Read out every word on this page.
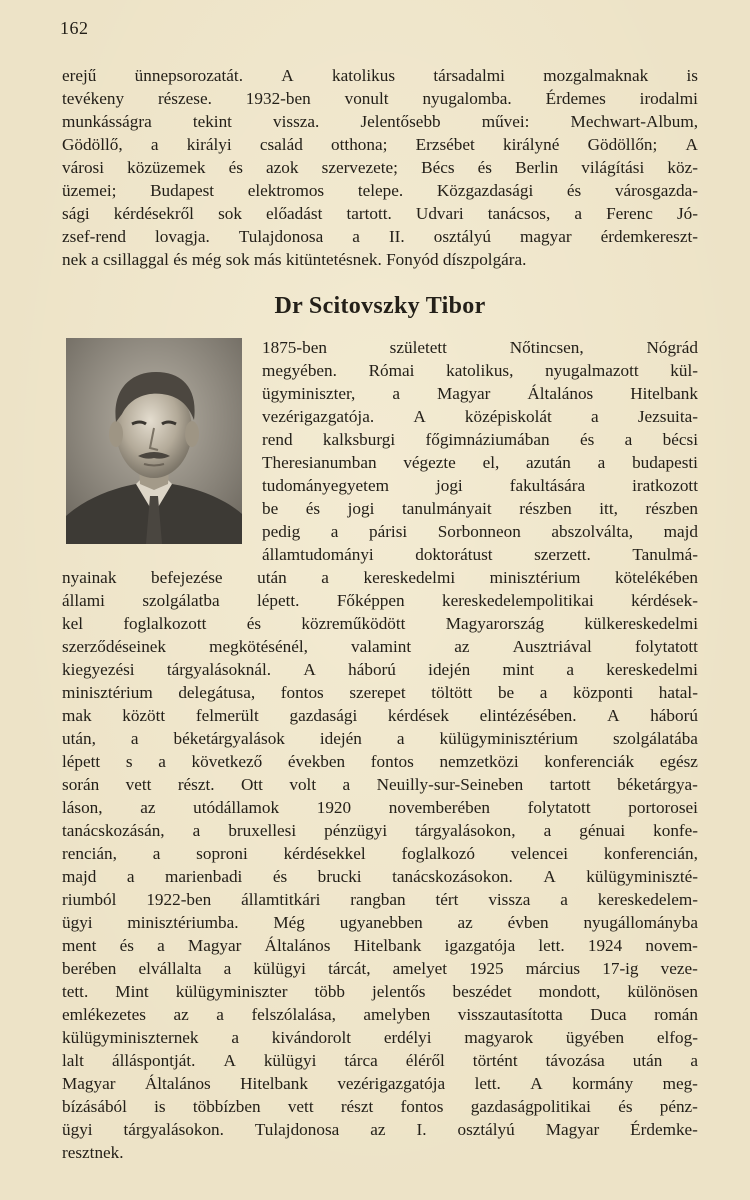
162
erejű ünnepsorozatát. A katolikus társadalmi mozgalmaknak is
tevékeny részese. 1932-ben vonult nyugalomba. Érdemes irodalmi
munkásságra tekint vissza. Jelentősebb művei: Mechwart-Album,
Gödöllő, a királyi család otthona; Erzsébet királyné Gödöllőn; A
városi közüzemek és azok szervezete; Bécs és Berlin világítási köz-
üzemei; Budapest elektromos telepe. Közgazdasági és városgazda-
sági kérdésekről sok előadást tartott. Udvari tanácsos, a Ferenc Jó-
zsef-rend lovagja. Tulajdonosa a II. osztályú magyar érdemkereszt-
nek a csillaggal és még sok más kitüntetésnek. Fonyód díszpolgára.
Dr Scitovszky Tibor
1875-ben	született	Nőtincsen,	Nógrád
megyében. Római katolikus, nyugalmazott kül-
ügyminiszter, a Magyar Általános Hitelbank
vezérigazgatója. A középiskolát a Jezsuita-
rend kalksburgi főgimnáziumában és a bécsi
Theresianumban végezte el, azután a budapesti
tudományegyetem	jogi	fakultására	iratkozott
be és jogi tanulmányait részben itt, részben
pedig a párisi Sorbonneon abszolválta, majd
államtudományi doktorátust szerzett. Tanulmá-
nyainak befejezése után a kereskedelmi minisztérium kötelékében
állami szolgálatba lépett. Főképpen kereskedelempolitikai kérdések-
kel foglalkozott és közreműködött Magyarország külkereskedelmi
szerződéseinek	megkötésénél,	valamint	az	Ausztriával	folytatott
kiegyezési tárgyalásoknál. A háború idején mint a kereskedelmi
minisztérium delegátusa, fontos szerepet töltött be a központi hatal-
mak között felmerült gazdasági kérdések elintézésében. A háború
után, a béketárgyalások idején a külügyminisztérium szolgálatába
lépett s a következő években fontos nemzetközi konferenciák egész
során vett részt. Ott volt a Neuilly-sur-Seineben tartott béketárgya-
láson, az utódállamok 1920 novemberében folytatott portorosei
tanácskozásán, a bruxellesi pénzügyi tárgyalásokon, a génuai konfe-
rencián, a soproni kérdésekkel foglalkozó velencei konferencián,
majd a marienbadi és brucki tanácskozásokon. A külügyminiszté-
riumból 1922-ben államtitkári rangban tért vissza a kereskedelem-
ügyi minisztériumba. Még ugyanebben az évben nyugállományba
ment és a Magyar Általános Hitelbank igazgatója lett. 1924 novem-
berében elvállalta a külügyi tárcát, amelyet 1925 március 17-ig veze-
tett. Mint külügyminiszter több jelentős beszédet mondott, különösen
emlékezetes az a felszólalása, amelyben visszautasította Duca román
külügyminiszternek a kivándorolt erdélyi magyarok ügyében elfog-
lalt álláspontját. A külügyi tárca éléről történt távozása után a
Magyar Általános Hitelbank vezérigazgatója lett. A kormány meg-
bízásából is többízben vett részt fontos gazdaságpolitikai és pénz-
ügyi tárgyalásokon. Tulajdonosa az I. osztályú Magyar Érdemke-
resztnek.
